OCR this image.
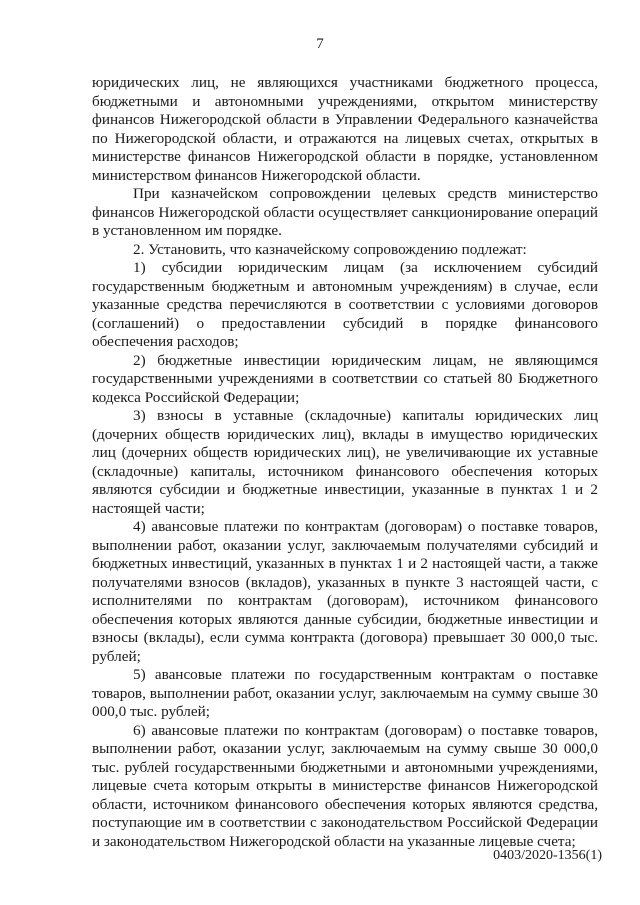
7

юридических лиц, не являющихся участниками бюджетного процесса, бюджетными и автономными учреждениями, открытом министерству финансов Нижегородской области в Управлении Федерального казначейства по Нижегородской области, и отражаются на лицевых счетах, открытых в министерстве финансов Нижегородской области в порядке, установленном министерством финансов Нижегородской области.

При казначейском сопровождении целевых средств министерство финансов Нижегородской области осуществляет санкционирование операций в установленном им порядке.

2. Установить, что казначейскому сопровождению подлежат:

1) субсидии юридическим лицам (за исключением субсидий государственным бюджетным и автономным учреждениям) в случае, если указанные средства перечисляются в соответствии с условиями договоров (соглашений) о предоставлении субсидий в порядке финансового обеспечения расходов;

2) бюджетные инвестиции юридическим лицам, не являющимся государственными учреждениями в соответствии со статьей 80 Бюджетного кодекса Российской Федерации;

3) взносы в уставные (складочные) капиталы юридических лиц (дочерних обществ юридических лиц), вклады в имущество юридических лиц (дочерних обществ юридических лиц), не увеличивающие их уставные (складочные) капиталы, источником финансового обеспечения которых являются субсидии и бюджетные инвестиции, указанные в пунктах 1 и 2 настоящей части;

4) авансовые платежи по контрактам (договорам) о поставке товаров, выполнении работ, оказании услуг, заключаемым получателями субсидий и бюджетных инвестиций, указанных в пунктах 1 и 2 настоящей части, а также получателями взносов (вкладов), указанных в пункте 3 настоящей части, с исполнителями по контрактам (договорам), источником финансового обеспечения которых являются данные субсидии, бюджетные инвестиции и взносы (вклады), если сумма контракта (договора) превышает 30 000,0 тыс. рублей;

5) авансовые платежи по государственным контрактам о поставке товаров, выполнении работ, оказании услуг, заключаемым на сумму свыше 30 000,0 тыс. рублей;

6) авансовые платежи по контрактам (договорам) о поставке товаров, выполнении работ, оказании услуг, заключаемым на сумму свыше 30 000,0 тыс. рублей государственными бюджетными и автономными учреждениями, лицевые счета которым открыты в министерстве финансов Нижегородской области, источником финансового обеспечения которых являются средства, поступающие им в соответствии с законодательством Российской Федерации и законодательством Нижегородской области на указанные лицевые счета;

0403/2020-1356(1)
